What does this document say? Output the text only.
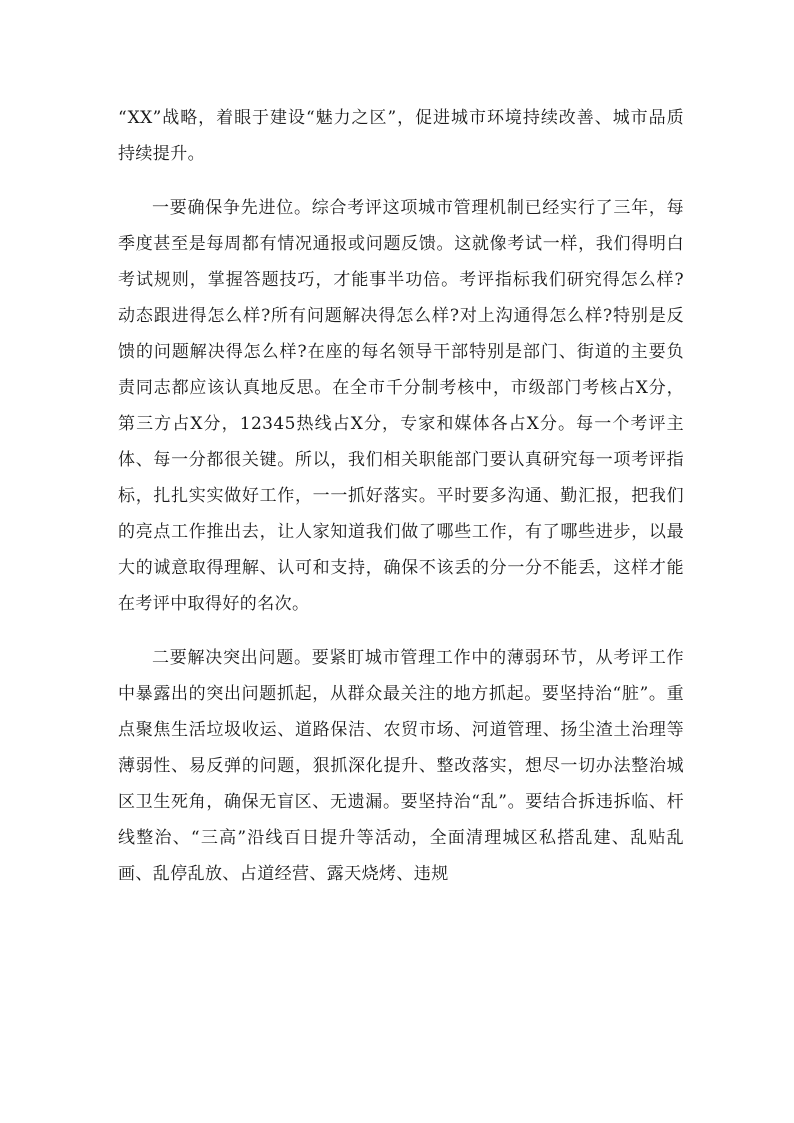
“XX”战略，着眼于建设“魅力之区”，促进城市环境持续改善、城市品质持续提升。

一要确保争先进位。综合考评这项城市管理机制已经实行了三年，每季度甚至是每周都有情况通报或问题反馈。这就像考试一样，我们得明白考试规则，掌握答题技巧，才能事半功倍。考评指标我们研究得怎么样?动态跟进得怎么样?所有问题解决得怎么样?对上沟通得怎么样?特别是反馈的问题解决得怎么样?在座的每名领导干部特别是部门、街道的主要负责同志都应该认真地反思。在全市千分制考核中，市级部门考核占X分，第三方占X分，12345热线占X分，专家和媒体各占X分。每一个考评主体、每一分都很关键。所以，我们相关职能部门要认真研究每一项考评指标，扎扎实实做好工作，一一抓好落实。平时要多沟通、勤汇报，把我们的亮点工作推出去，让人家知道我们做了哪些工作，有了哪些进步，以最大的诚意取得理解、认可和支持，确保不该丢的分一分不能丢，这样才能在考评中取得好的名次。

二要解决突出问题。要紧盯城市管理工作中的薄弱环节，从考评工作中暴露出的突出问题抓起，从群众最关注的地方抓起。要坚持治“脏”。重点聚焦生活垃圾收运、道路保洁、农贸市场、河道管理、扬尘渣土治理等薄弱性、易反弹的问题，狠抓深化提升、整改落实，想尽一切办法整治城区卫生死角，确保无盲区、无遗漏。要坚持治“乱”。要结合拆违拆临、杆线整治、“三高”沿线百日提升等活动，全面清理城区私搭乱建、乱贴乱画、乱停乱放、占道经营、露天烧烤、违规
